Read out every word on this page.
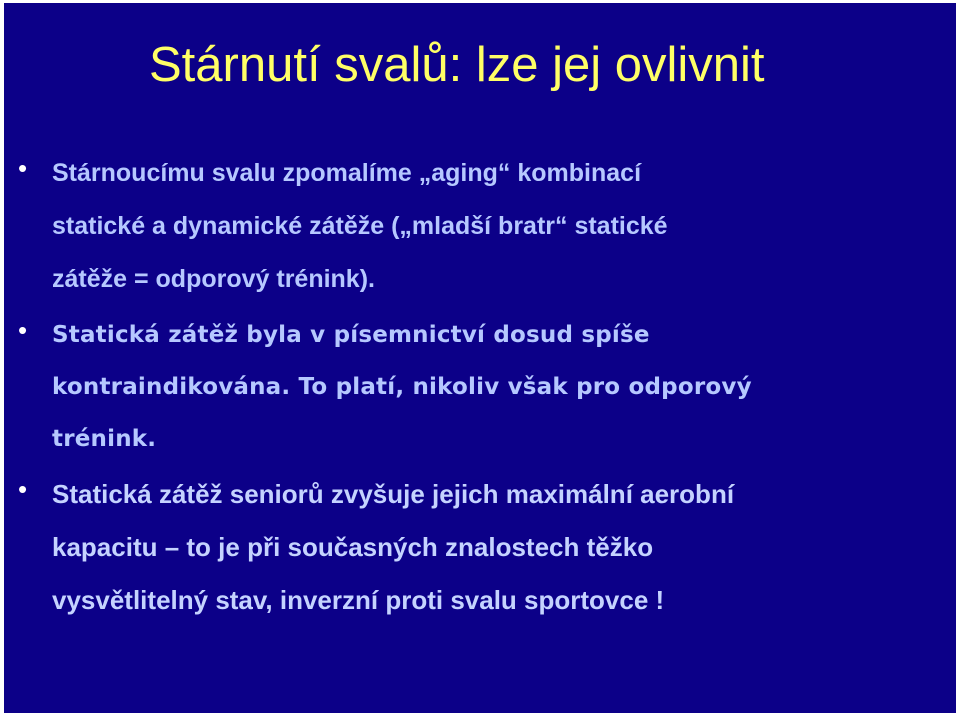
Stárnutí svalů: lze jej ovlivnit
• Stárnoucímu svalu zpomalíme „aging“ kombinací
statické a dynamické zátěže („mladší bratr“ statické
zátěže = odporový trénink).
• Statická zátěž byla v písemnictví dosud spíše
kontraindikována. To platí, nikoliv však pro odporový
trénink.
• Statická zátěž seniorů zvyšuje jejich maximální aerobní
kapacitu – to je při současných znalostech těžko
vysvětlitelný stav, inverzní proti svalu sportovce !
